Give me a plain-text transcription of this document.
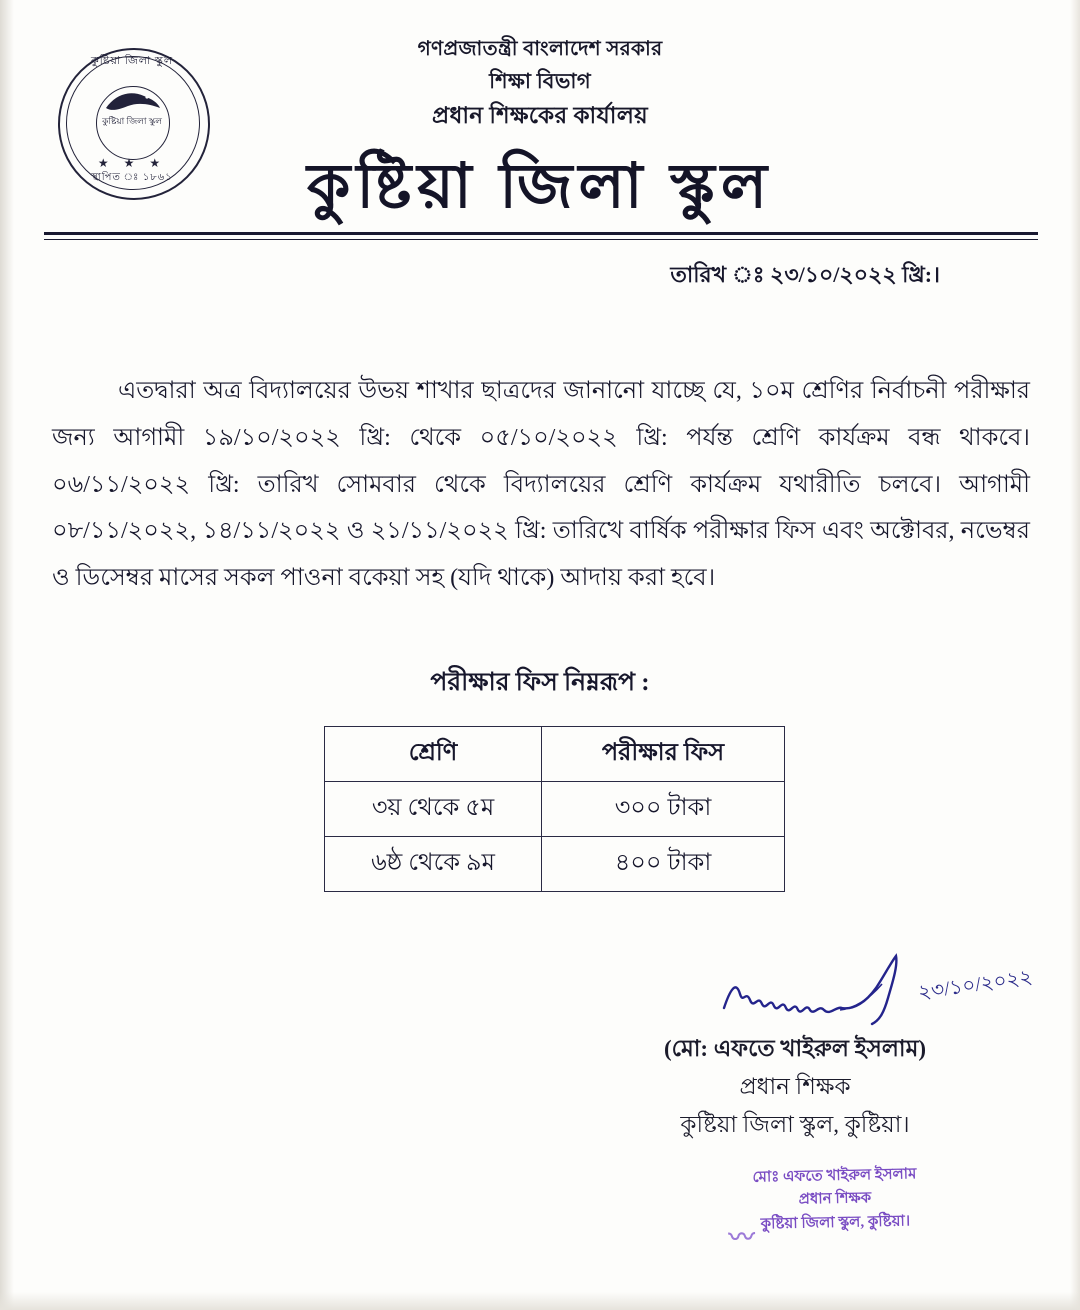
কুষ্টিয়া জিলা স্কুল
কুষ্টিয়া জিলা স্কুল
★ ★ ★
স্থাপিত ঃ ১৮৬১
গণপ্রজাতন্ত্রী বাংলাদেশ সরকার
শিক্ষা বিভাগ
প্রধান শিক্ষকের কার্যালয়
কুষ্টিয়া জিলা স্কুল
তারিখ ঃ ২৩/১০/২০২২ খ্রি:।
এতদ্বারা অত্র বিদ্যালয়ের উভয় শাখার ছাত্রদের জানানো যাচ্ছে যে, ১০ম শ্রেণির নির্বাচনী পরীক্ষার জন্য আগামী ১৯/১০/২০২২ খ্রি: থেকে ০৫/১০/২০২২ খ্রি: পর্যন্ত শ্রেণি কার্যক্রম বন্ধ থাকবে। ০৬/১১/২০২২ খ্রি: তারিখ সোমবার থেকে বিদ্যালয়ের শ্রেণি কার্যক্রম যথারীতি চলবে। আগামী ০৮/১১/২০২২, ১৪/১১/২০২২ ও ২১/১১/২০২২ খ্রি: তারিখে বার্ষিক পরীক্ষার ফিস এবং অক্টোবর, নভেম্বর ও ডিসেম্বর মাসের সকল পাওনা বকেয়া সহ (যদি থাকে) আদায় করা হবে।
পরীক্ষার ফিস নিম্নরূপ :
শ্রেণি	পরীক্ষার ফিস
৩য় থেকে ৫ম	৩০০ টাকা
৬ষ্ঠ থেকে ৯ম	৪০০ টাকা
২৩/১০/২০২২
(মো: এফতে খাইরুল ইসলাম)
প্রধান শিক্ষক
কুষ্টিয়া জিলা স্কুল, কুষ্টিয়া।
মোঃ এফতে খাইরুল ইসলাম
প্রধান শিক্ষক
কুষ্টিয়া জিলা স্কুল, কুষ্টিয়া।
〰
